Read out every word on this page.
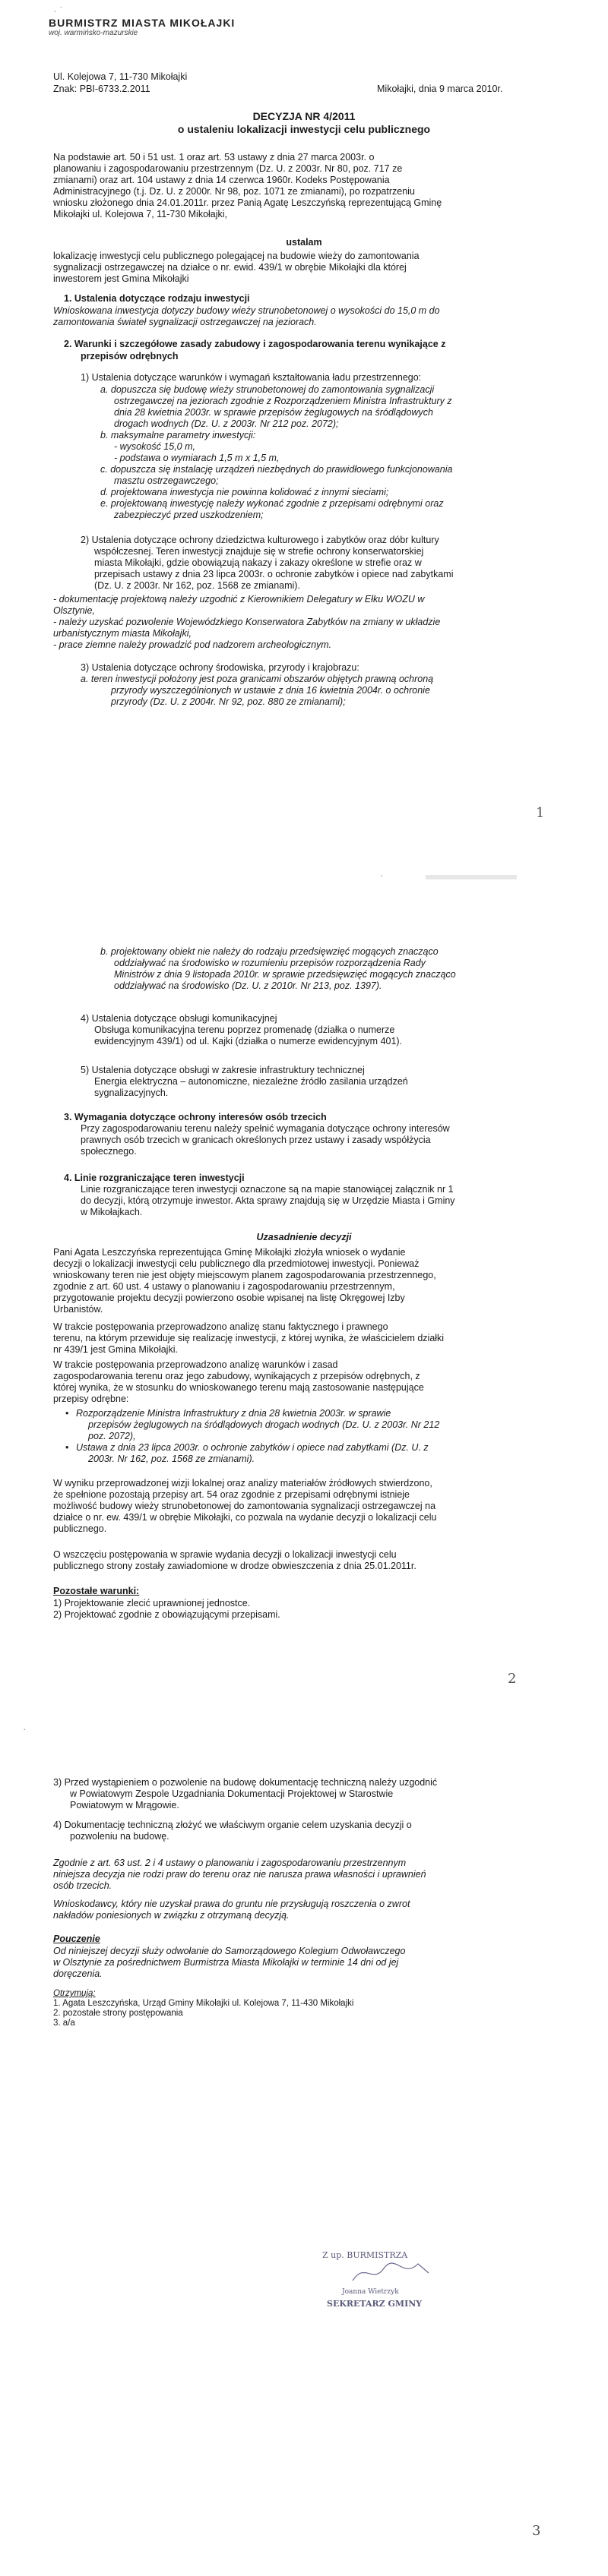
· ˙
BURMISTRZ MIASTA MIKOŁAJKI
woj. warmińsko-mazurskie
Ul. Kolejowa 7, 11-730 Mikołajki
Znak: PBI-6733.2.2011	Mikołajki, dnia 9 marca 2010r.
DECYZJA NR 4/2011
o ustaleniu lokalizacji inwestycji celu publicznego
Na podstawie art. 50 i 51 ust. 1 oraz art. 53 ustawy z dnia 27 marca 2003r. o
planowaniu i zagospodarowaniu przestrzennym (Dz. U. z 2003r. Nr 80, poz. 717 ze
zmianami) oraz art. 104 ustawy z dnia 14 czerwca 1960r. Kodeks Postępowania
Administracyjnego (t.j. Dz. U. z 2000r. Nr 98, poz. 1071 ze zmianami), po rozpatrzeniu
wniosku złożonego dnia 24.01.2011r. przez Panią Agatę Leszczyńską reprezentującą Gminę
Mikołajki ul. Kolejowa 7, 11-730 Mikołajki,
ustalam
lokalizację inwestycji celu publicznego polegającej na budowie wieży do zamontowania
sygnalizacji ostrzegawczej na działce o nr. ewid. 439/1 w obrębie Mikołajki dla której
inwestorem jest Gmina Mikołajki
1. Ustalenia dotyczące rodzaju inwestycji
Wnioskowana inwestycja dotyczy budowy wieży strunobetonowej o wysokości do 15,0 m do
zamontowania świateł sygnalizacji ostrzegawczej na jeziorach.
2. Warunki i szczegółowe zasady zabudowy i zagospodarowania terenu wynikające z
przepisów odrębnych
1) Ustalenia dotyczące warunków i wymagań kształtowania ładu przestrzennego:
a. dopuszcza się budowę wieży strunobetonowej do zamontowania sygnalizacji
ostrzegawczej na jeziorach zgodnie z Rozporządzeniem Ministra Infrastruktury z
dnia 28 kwietnia 2003r. w sprawie przepisów żeglugowych na śródlądowych
drogach wodnych (Dz. U. z 2003r. Nr 212 poz. 2072);
b. maksymalne parametry inwestycji:
- wysokość 15,0 m,
- podstawa o wymiarach 1,5 m x 1,5 m,
c. dopuszcza się instalację urządzeń niezbędnych do prawidłowego funkcjonowania
masztu ostrzegawczego;
d. projektowana inwestycja nie powinna kolidować z innymi sieciami;
e. projektowaną inwestycję należy wykonać zgodnie z przepisami odrębnymi oraz
zabezpieczyć przed uszkodzeniem;
2) Ustalenia dotyczące ochrony dziedzictwa kulturowego i zabytków oraz dóbr kultury
współczesnej. Teren inwestycji znajduje się w strefie ochrony konserwatorskiej
miasta Mikołajki, gdzie obowiązują nakazy i zakazy określone w strefie oraz w
przepisach ustawy z dnia 23 lipca 2003r. o ochronie zabytków i opiece nad zabytkami
(Dz. U. z 2003r. Nr 162, poz. 1568 ze zmianami).
- dokumentację projektową należy uzgodnić z Kierownikiem Delegatury w Ełku WOZU w
Olsztynie,
- należy uzyskać pozwolenie Wojewódzkiego Konserwatora Zabytków na zmiany w układzie
urbanistycznym miasta Mikołajki,
- prace ziemne należy prowadzić pod nadzorem archeologicznym.
3) Ustalenia dotyczące ochrony środowiska, przyrody i krajobrazu:
a. teren inwestycji położony jest poza granicami obszarów objętych prawną ochroną
przyrody wyszczególnionych w ustawie z dnia 16 kwietnia 2004r. o ochronie
przyrody (Dz. U. z 2004r. Nr 92, poz. 880 ze zmianami);
1
·
b. projektowany obiekt nie należy do rodzaju przedsięwzięć mogących znacząco
oddziaływać na środowisko w rozumieniu przepisów rozporządzenia Rady
Ministrów z dnia 9 listopada 2010r. w sprawie przedsięwzięć mogących znacząco
oddziaływać na środowisko (Dz. U. z 2010r. Nr 213, poz. 1397).
4) Ustalenia dotyczące obsługi komunikacyjnej
Obsługa komunikacyjna terenu poprzez promenadę (działka o numerze
ewidencyjnym 439/1) od ul. Kajki (działka o numerze ewidencyjnym 401).
5) Ustalenia dotyczące obsługi w zakresie infrastruktury technicznej
Energia elektryczna – autonomiczne, niezależne źródło zasilania urządzeń
sygnalizacyjnych.
3. Wymagania dotyczące ochrony interesów osób trzecich
Przy zagospodarowaniu terenu należy spełnić wymagania dotyczące ochrony interesów
prawnych osób trzecich w granicach określonych przez ustawy i zasady współżycia
społecznego.
4. Linie rozgraniczające teren inwestycji
Linie rozgraniczające teren inwestycji oznaczone są na mapie stanowiącej załącznik nr 1
do decyzji, którą otrzymuje inwestor. Akta sprawy znajdują się w Urzędzie Miasta i Gminy
w Mikołajkach.
Uzasadnienie decyzji
Pani Agata Leszczyńska reprezentująca Gminę Mikołajki złożyła wniosek o wydanie
decyzji o lokalizacji inwestycji celu publicznego dla przedmiotowej inwestycji. Ponieważ
wnioskowany teren nie jest objęty miejscowym planem zagospodarowania przestrzennego,
zgodnie z art. 60 ust. 4 ustawy o planowaniu i zagospodarowaniu przestrzennym,
przygotowanie projektu decyzji powierzono osobie wpisanej na listę Okręgowej Izby
Urbanistów.
W trakcie postępowania przeprowadzono analizę stanu faktycznego i prawnego
terenu, na którym przewiduje się realizację inwestycji, z której wynika, że właścicielem działki
nr 439/1 jest Gmina Mikołajki.
W trakcie postępowania przeprowadzono analizę warunków i zasad
zagospodarowania terenu oraz jego zabudowy, wynikających z przepisów odrębnych, z
której wynika, że w stosunku do wnioskowanego terenu mają zastosowanie następujące
przepisy odrębne:
• Rozporządzenie Ministra Infrastruktury z dnia 28 kwietnia 2003r. w sprawie
przepisów żeglugowych na śródlądowych drogach wodnych (Dz. U. z 2003r. Nr 212
poz. 2072),
• Ustawa z dnia 23 lipca 2003r. o ochronie zabytków i opiece nad zabytkami (Dz. U. z
2003r. Nr 162, poz. 1568 ze zmianami).
W wyniku przeprowadzonej wizji lokalnej oraz analizy materiałów źródłowych stwierdzono,
że spełnione pozostają przepisy art. 54 oraz zgodnie z przepisami odrębnymi istnieje
możliwość budowy wieży strunobetonowej do zamontowania sygnalizacji ostrzegawczej na
działce o nr. ew. 439/1 w obrębie Mikołajki, co pozwala na wydanie decyzji o lokalizacji celu
publicznego.
O wszczęciu postępowania w sprawie wydania decyzji o lokalizacji inwestycji celu
publicznego strony zostały zawiadomione w drodze obwieszczenia z dnia 25.01.2011r.
Pozostałe warunki:
1) Projektowanie zlecić uprawnionej jednostce.
2) Projektować zgodnie z obowiązującymi przepisami.
2
·
3) Przed wystąpieniem o pozwolenie na budowę dokumentację techniczną należy uzgodnić
w Powiatowym Zespole Uzgadniania Dokumentacji Projektowej w Starostwie
Powiatowym w Mrągowie.
4) Dokumentację techniczną złożyć we właściwym organie celem uzyskania decyzji o
pozwoleniu na budowę.
Zgodnie z art. 63 ust. 2 i 4 ustawy o planowaniu i zagospodarowaniu przestrzennym
niniejsza decyzja nie rodzi praw do terenu oraz nie narusza prawa własności i uprawnień
osób trzecich.
Wnioskodawcy, który nie uzyskał prawa do gruntu nie przysługują roszczenia o zwrot
nakładów poniesionych w związku z otrzymaną decyzją.
Pouczenie
Od niniejszej decyzji służy odwołanie do Samorządowego Kolegium Odwoławczego
w Olsztynie za pośrednictwem Burmistrza Miasta Mikołajki w terminie 14 dni od jej
doręczenia.
Otrzymują:
1. Agata Leszczyńska, Urząd Gminy Mikołajki ul. Kolejowa 7, 11-430 Mikołajki
2. pozostałe strony postępowania
3. a/a
3
Z up. BURMISTRZA
Joanna Wietrzyk
SEKRETARZ GMINY
